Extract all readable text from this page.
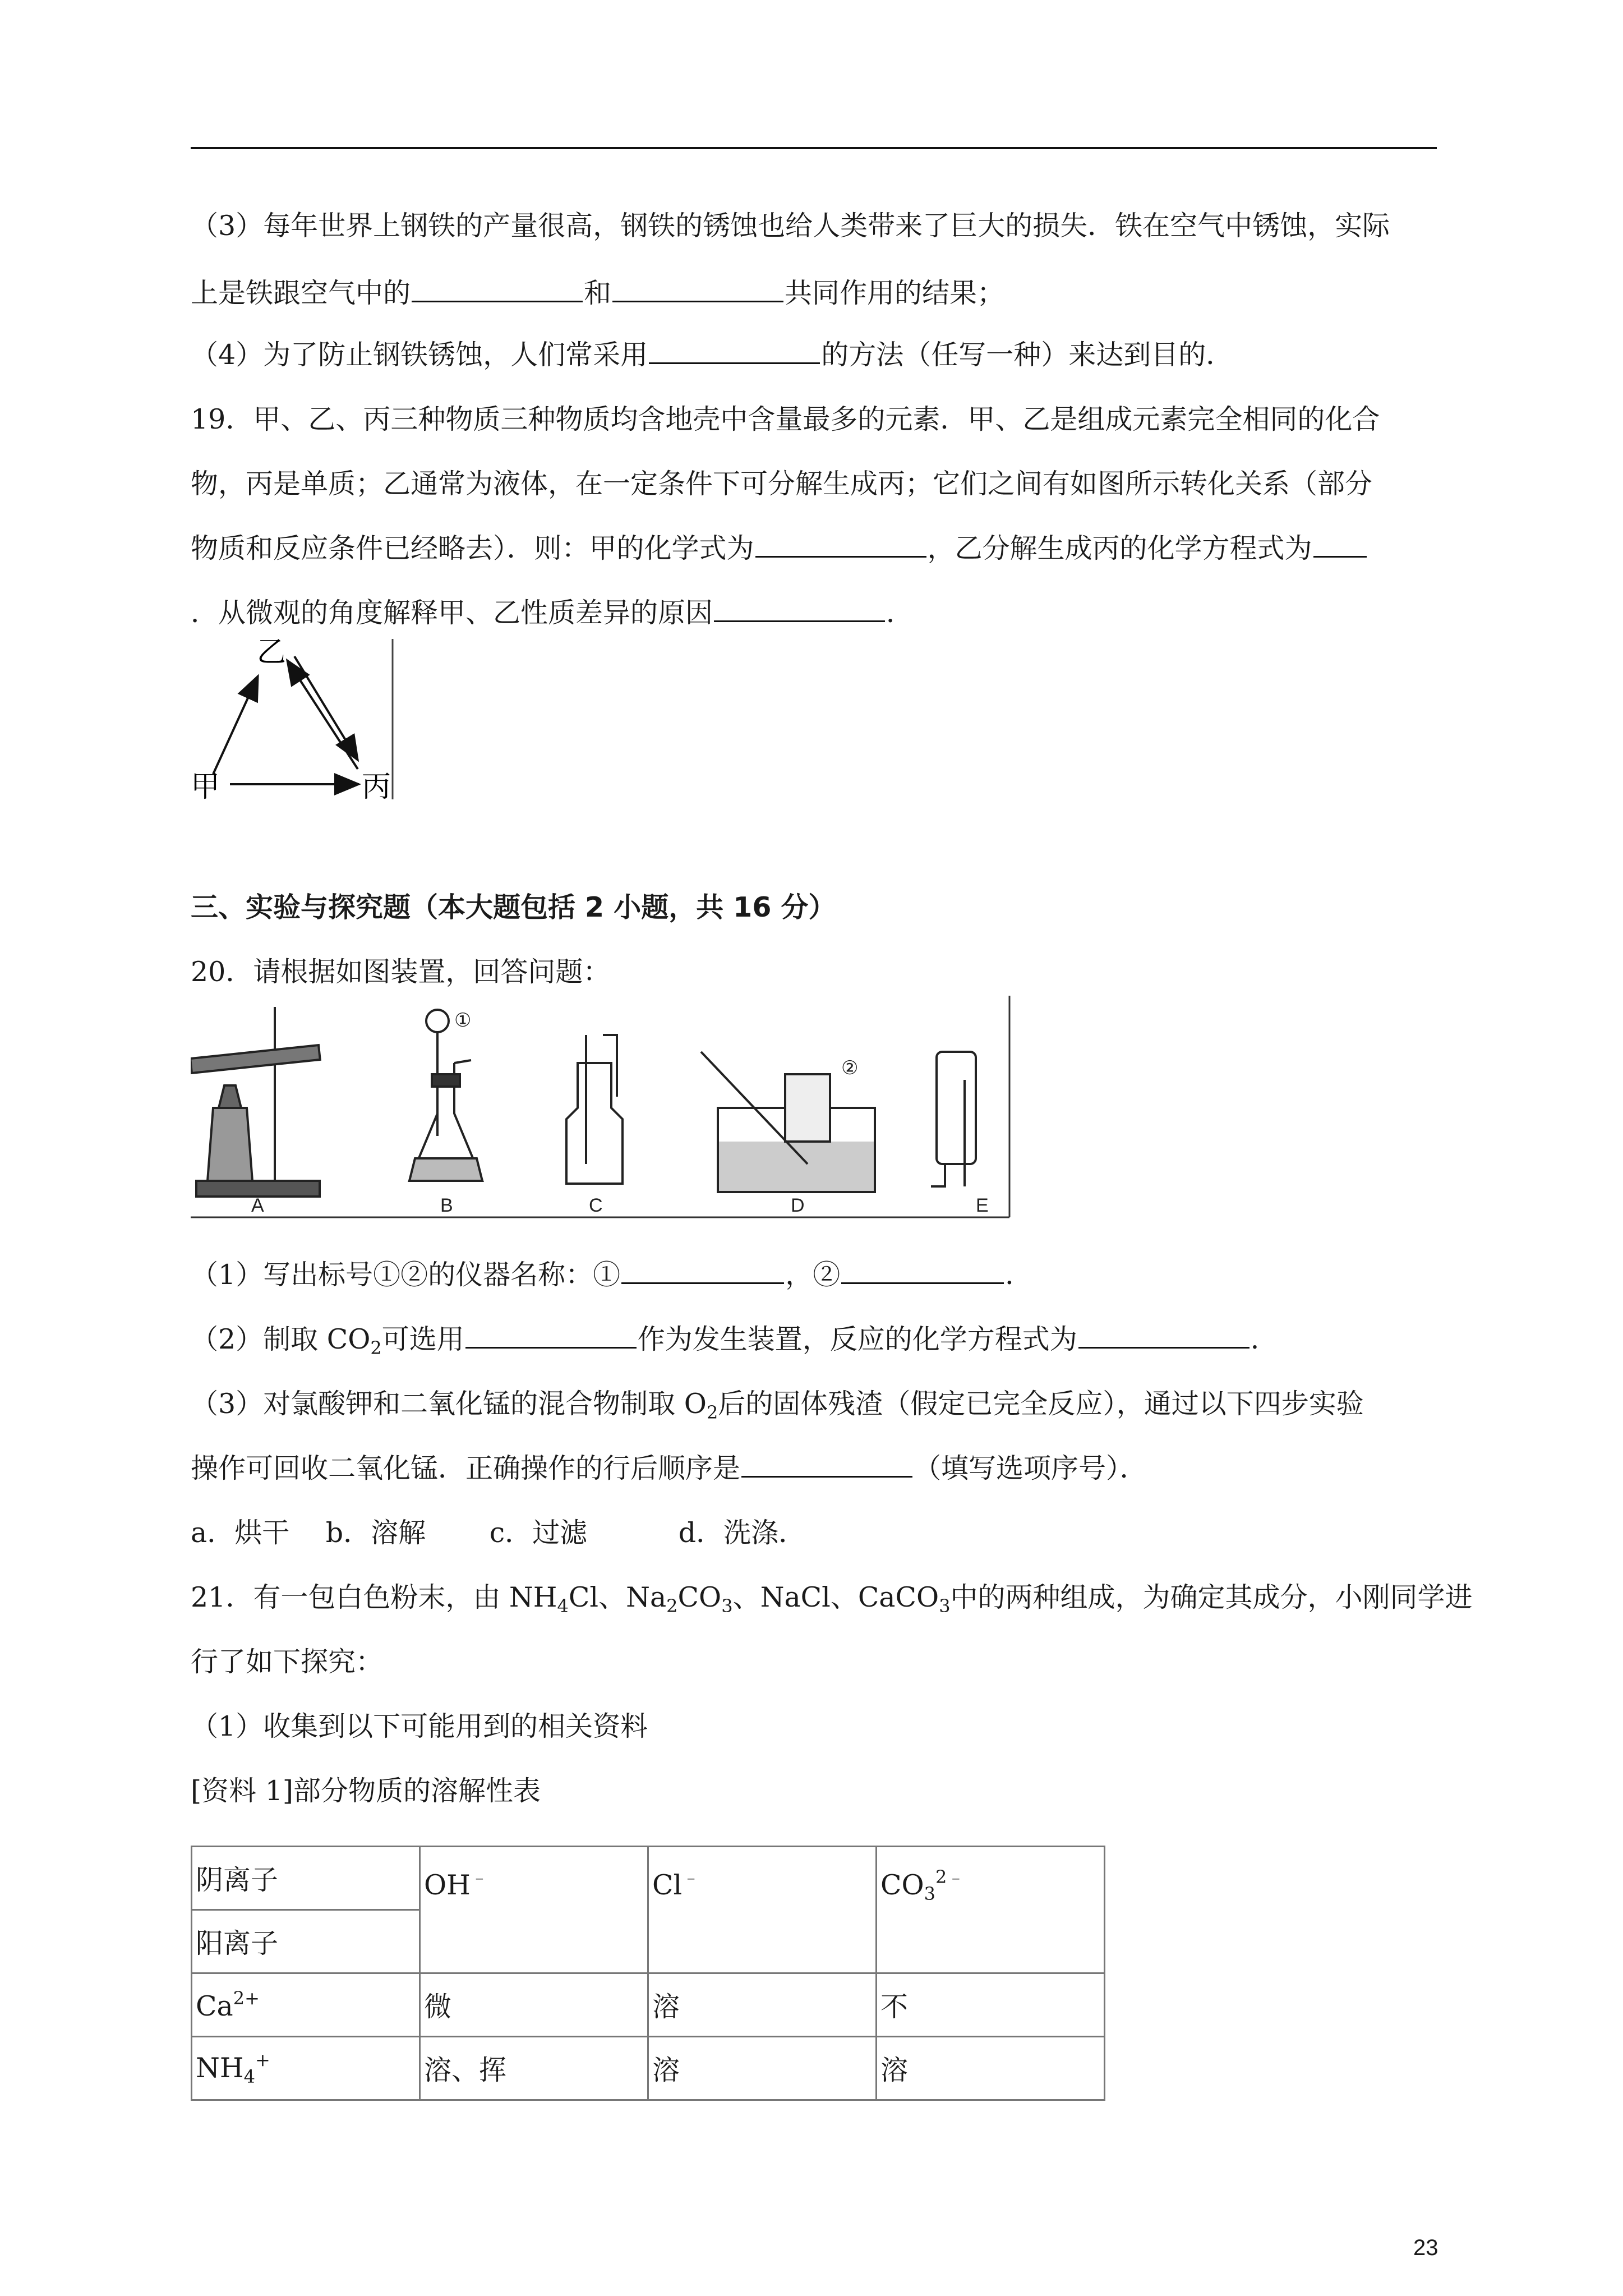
（3）每年世界上钢铁的产量很高，钢铁的锈蚀也给人类带来了巨大的损失．铁在空气中锈蚀，实际
上是铁跟空气中的	和	共同作用的结果；
（4）为了防止钢铁锈蚀，人们常采用	的方法（任写一种）来达到目的．
19．甲、乙、丙三种物质三种物质均含地壳中含量最多的元素．甲、乙是组成元素完全相同的化合
物，丙是单质；乙通常为液体，在一定条件下可分解生成丙；它们之间有如图所示转化关系（部分
物质和反应条件已经略去）．则：甲的化学式为	，乙分解生成丙的化学方程式为
．从微观的角度解释甲、乙性质差异的原因	．
乙
甲	丙
三、实验与探究题（本大题包括 2 小题，共 16 分）
20．请根据如图装置，回答问题：
A	B	C	D	E
①
②
（1）写出标号①②的仪器名称：①	，②	．
（2）制取 $CO_2$可选用	作为发生装置，反应的化学方程式为	．
（3）对氯酸钾和二氧化锰的混合物制取 $O_2$后的固体残渣（假定已完全反应），通过以下四步实验
操作可回收二氧化锰．正确操作的行后顺序是	（填写选项序号）．
a．烘干　 b．溶解　　 c．过滤　　　 d．洗涤．
21．有一包白色粉末，由 $NH_4Cl$、$Na_2CO_3$、NaCl、CaCO$_3$中的两种组成，为确定其成分，小刚同学进
行了如下探究：
（1）收集到以下可能用到的相关资料
[资料 1]部分物质的溶解性表
阴离子	OH﹣	Cl﹣	$CO_3^{2﹣}$
阳离子			
$Ca^{2+}$	微	溶	不
$NH_4^+$	溶、挥	溶	溶
23
